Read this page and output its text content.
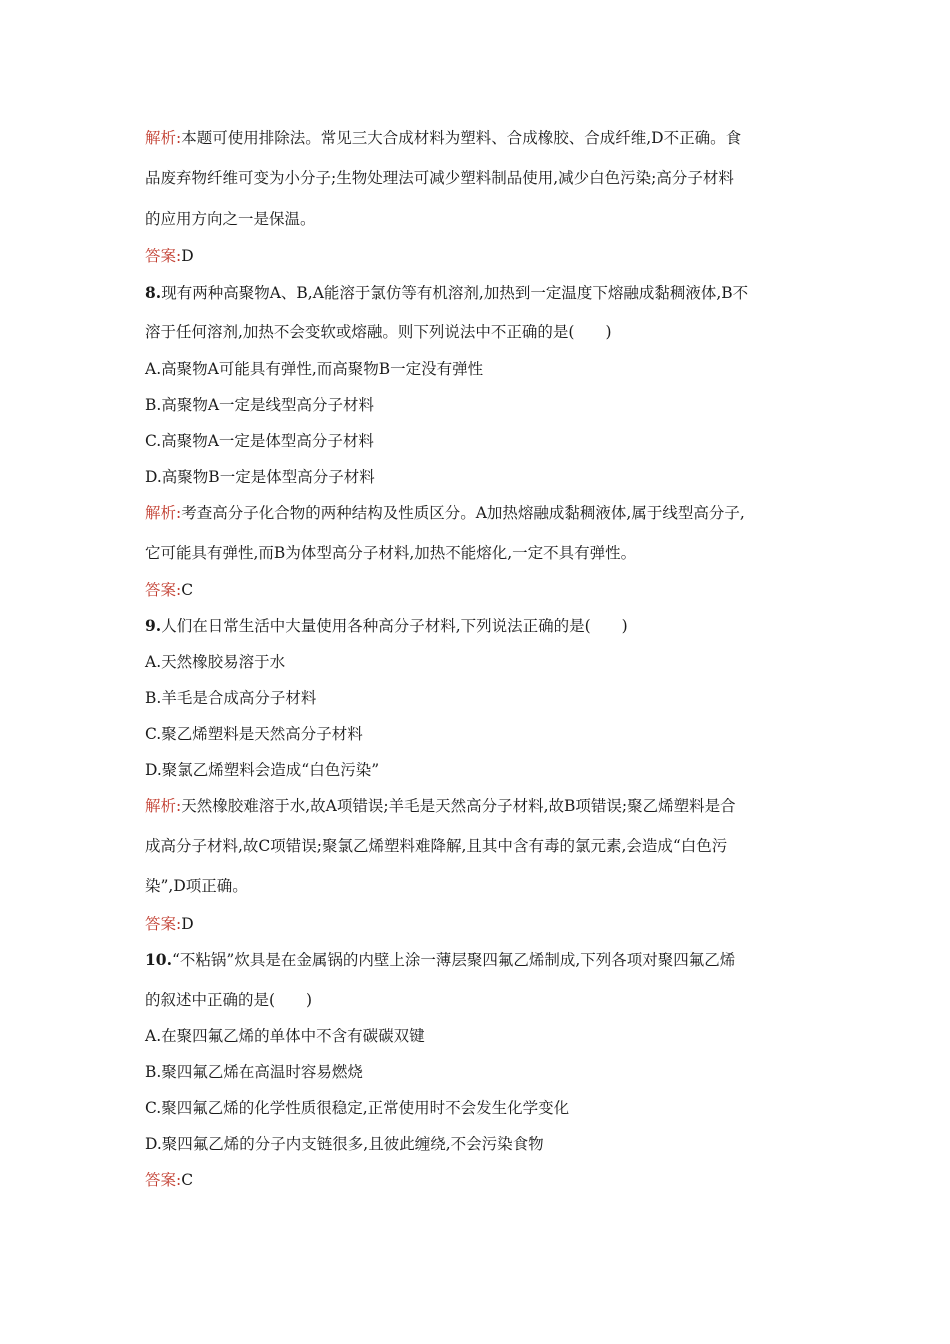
解析:本题可使用排除法。常见三大合成材料为塑料、合成橡胶、合成纤维,D不正确。食
品废弃物纤维可变为小分子;生物处理法可减少塑料制品使用,减少白色污染;高分子材料
的应用方向之一是保温。
答案:D
8.现有两种高聚物A、B,A能溶于氯仿等有机溶剂,加热到一定温度下熔融成黏稠液体,B不
溶于任何溶剂,加热不会变软或熔融。则下列说法中不正确的是(　　)
A.高聚物A可能具有弹性,而高聚物B一定没有弹性
B.高聚物A一定是线型高分子材料
C.高聚物A一定是体型高分子材料
D.高聚物B一定是体型高分子材料
解析:考查高分子化合物的两种结构及性质区分。A加热熔融成黏稠液体,属于线型高分子,
它可能具有弹性,而B为体型高分子材料,加热不能熔化,一定不具有弹性。
答案:C
9.人们在日常生活中大量使用各种高分子材料,下列说法正确的是(　　)
A.天然橡胶易溶于水
B.羊毛是合成高分子材料
C.聚乙烯塑料是天然高分子材料
D.聚氯乙烯塑料会造成“白色污染”
解析:天然橡胶难溶于水,故A项错误;羊毛是天然高分子材料,故B项错误;聚乙烯塑料是合
成高分子材料,故C项错误;聚氯乙烯塑料难降解,且其中含有毒的氯元素,会造成“白色污
染”,D项正确。
答案:D
10.“不粘锅”炊具是在金属锅的内壁上涂一薄层聚四氟乙烯制成,下列各项对聚四氟乙烯
的叙述中正确的是(　　)
A.在聚四氟乙烯的单体中不含有碳碳双键
B.聚四氟乙烯在高温时容易燃烧
C.聚四氟乙烯的化学性质很稳定,正常使用时不会发生化学变化
D.聚四氟乙烯的分子内支链很多,且彼此缠绕,不会污染食物
答案:C
